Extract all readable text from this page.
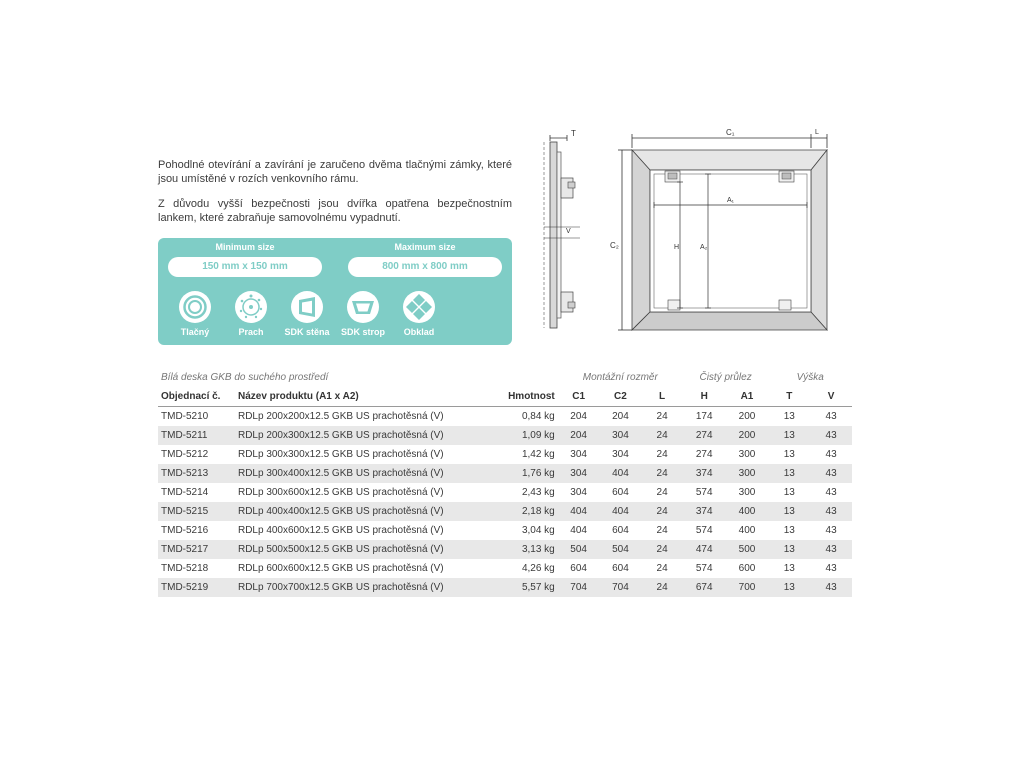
Pohodlné otevírání a zavírání je zaručeno dvěma tlačnými zámky, které jsou umístěné v rozích venkovního rámu.

Z důvodu vyšší bezpečnosti jsou dvířka opatřena bezpečnostním lankem, které zabraňuje samovolnému vypadnutí.

Minimum size
150 mm x 150 mm
Maximum size
800 mm x 800 mm
Tlačný	Prach	SDK stěna	SDK strop	Obklad
T
V
C₁	L
C₂
A₁
H	A₂
Bílá deska GKB do suchého prostředí			Montážní rozměr			Čistý průlez		Výška	
Objednací č.	Název produktu (A1 x A2)	Hmotnost	C1	C2	L	H	A1	T	V
TMD-5210	RDLp 200x200x12.5 GKB US prachotěsná (V)	0,84 kg	204	204	24	174	200	13	43
TMD-5211	RDLp 200x300x12.5 GKB US prachotěsná (V)	1,09 kg	204	304	24	274	200	13	43
TMD-5212	RDLp 300x300x12.5 GKB US prachotěsná (V)	1,42 kg	304	304	24	274	300	13	43
TMD-5213	RDLp 300x400x12.5 GKB US prachotěsná (V)	1,76 kg	304	404	24	374	300	13	43
TMD-5214	RDLp 300x600x12.5 GKB US prachotěsná (V)	2,43 kg	304	604	24	574	300	13	43
TMD-5215	RDLp 400x400x12.5 GKB US prachotěsná (V)	2,18 kg	404	404	24	374	400	13	43
TMD-5216	RDLp 400x600x12.5 GKB US prachotěsná (V)	3,04 kg	404	604	24	574	400	13	43
TMD-5217	RDLp 500x500x12.5 GKB US prachotěsná (V)	3,13 kg	504	504	24	474	500	13	43
TMD-5218	RDLp 600x600x12.5 GKB US prachotěsná (V)	4,26 kg	604	604	24	574	600	13	43
TMD-5219	RDLp 700x700x12.5 GKB US prachotěsná (V)	5,57 kg	704	704	24	674	700	13	43
